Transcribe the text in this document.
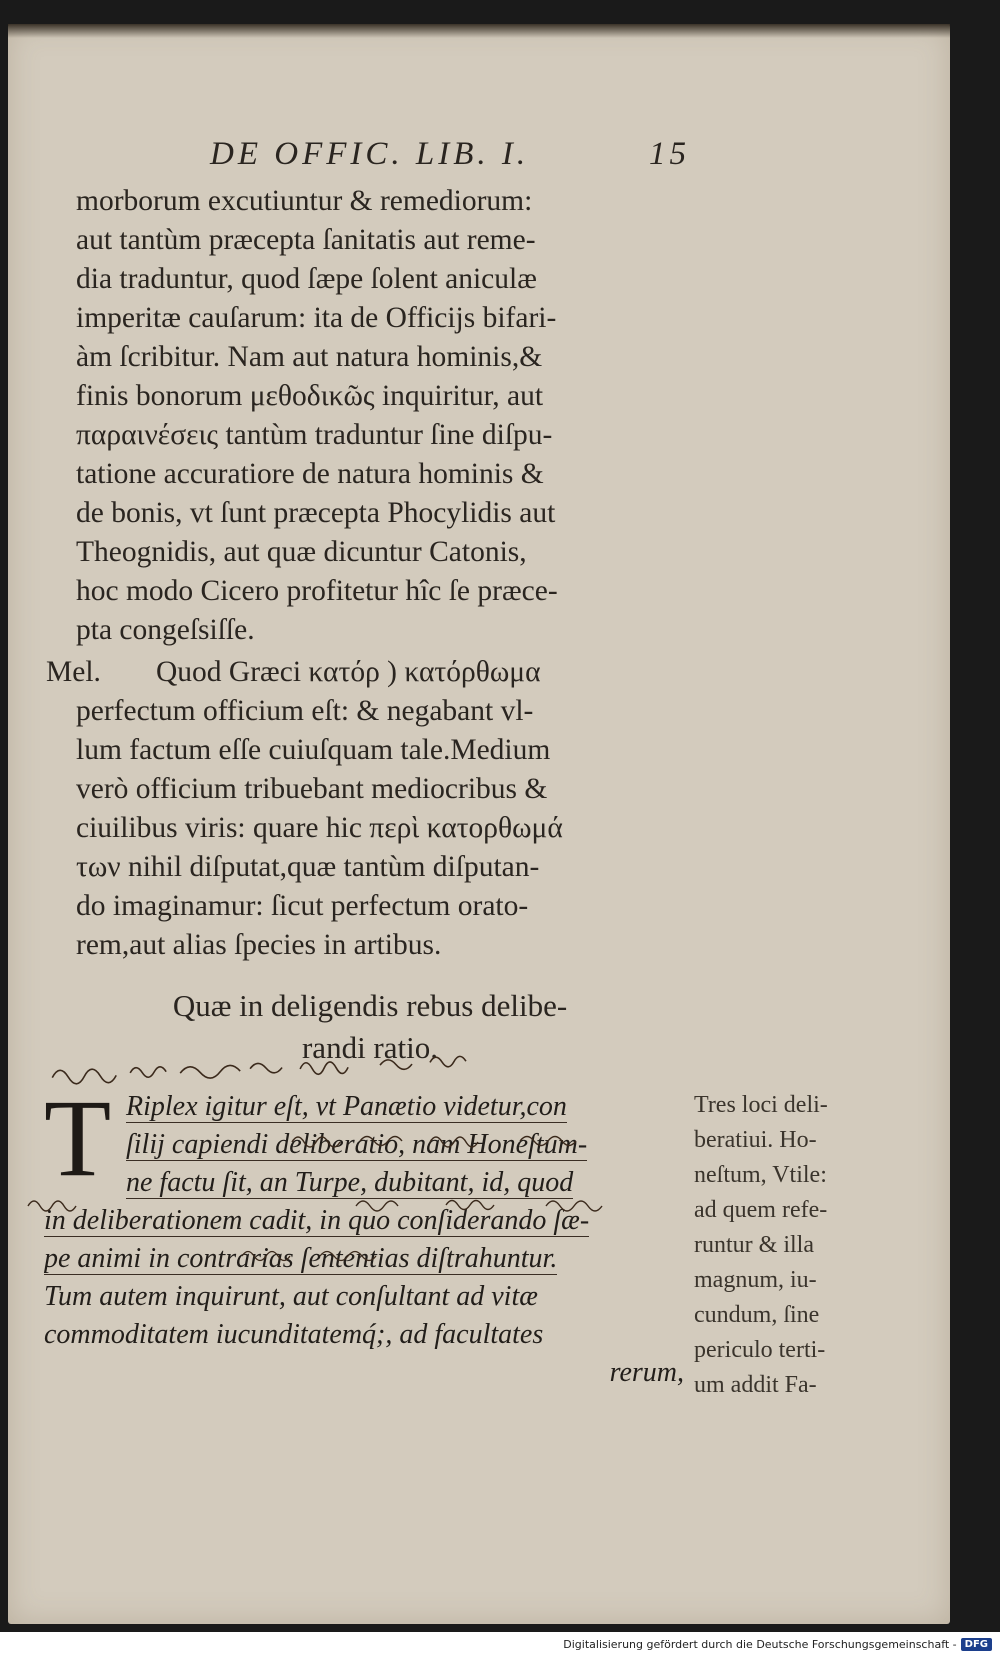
DE OFFIC. LIB. I.	15
morborum excutiuntur & remediorum:
aut tantùm præcepta ſanitatis aut reme-
dia traduntur, quod ſæpe ſolent aniculæ
imperitæ cauſarum: ita de Officijs bifari-
àm ſcribitur. Nam aut natura hominis,&
finis bonorum μεθοδικῶς inquiritur, aut
παραινέσεις tantùm traduntur ſine diſpu-
tatione accuratiore de natura hominis &
de bonis, vt ſunt præcepta Phocylidis aut
Theognidis, aut quæ dicuntur Catonis,
hoc modo Cicero profitetur hîc ſe præce-
pta congeſsiſſe.
Mel. Quod Græci κατόρ ) κατόρθωμα
perfectum officium eſt: & negabant vl-
lum factum eſſe cuiuſquam tale.Medium
verò officium tribuebant mediocribus &
ciuilibus viris: quare hic περὶ κατορθωμά
των nihil diſputat,quæ tantùm diſputan-
do imaginamur: ſicut perfectum orato-
rem,aut alias ſpecies in artibus.
Quæ in deligendis rebus delibe-
randi ratio.
T Riplex igitur eſt, vt Panætio videtur,con
ſilij capiendi deliberatio, nam Honeſtum-
ne factu ſit, an Turpe, dubitant, id, quod
in deliberationem cadit, in quo conſiderando ſæ-
pe animi in contrarias ſententias diſtrahuntur.
Tum autem inquirunt, aut conſultant ad vitæ
commoditatem iucunditatemq́;, ad facultates
rerum,
Tres loci deli-
beratiui. Ho-
neſtum, Vtile:
ad quem refe-
runtur & illa
magnum, iu-
cundum, ſine
periculo terti-
um addit Fa-
Digitalisierung gefördert durch die Deutsche Forschungsgemeinschaft - DFG
